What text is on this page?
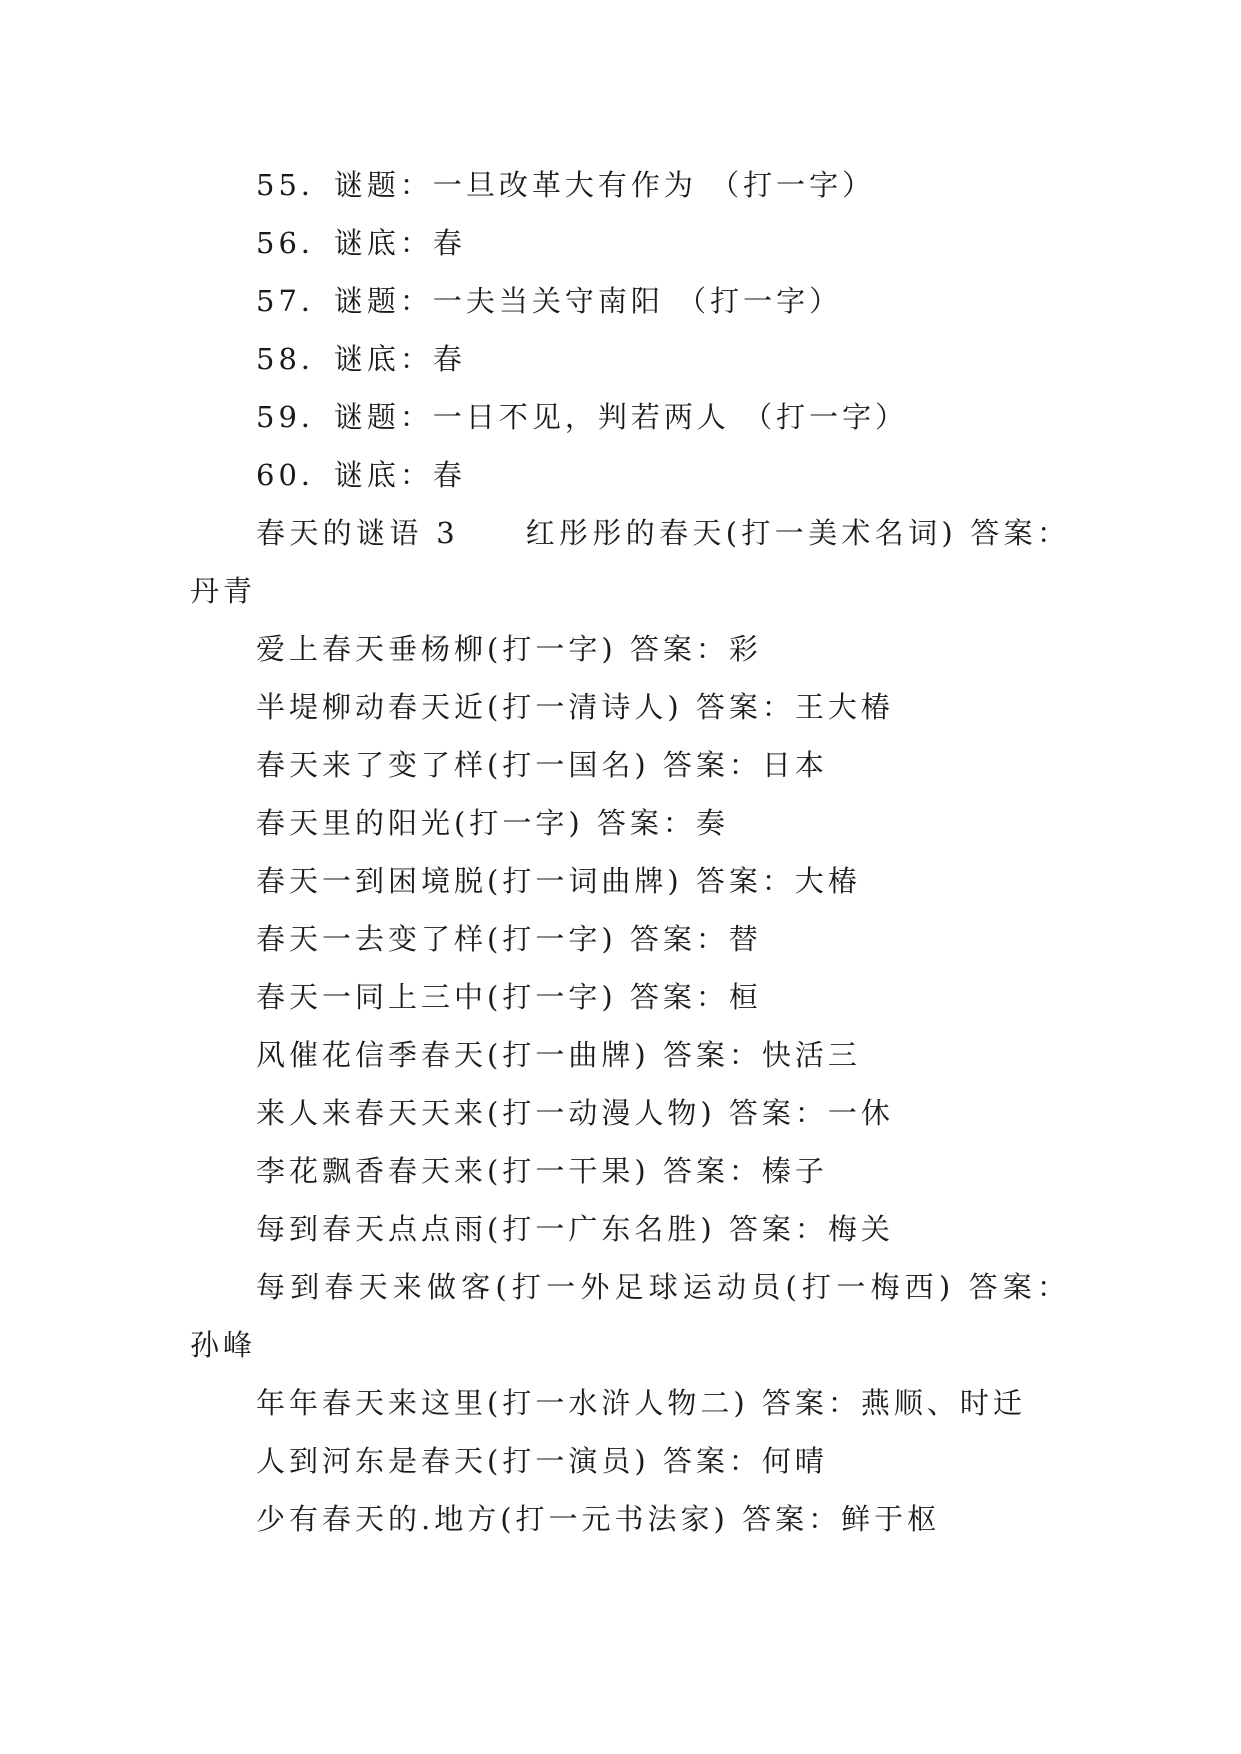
55．谜题：一旦改革大有作为 （打一字）

56．谜底：春

57．谜题：一夫当关守南阳 （打一字）

58．谜底：春

59．谜题：一日不见，判若两人 （打一字）

60．谜底：春

春天的谜语 3　　红彤彤的春天(打一美术名词) 答案：

丹青

爱上春天垂杨柳(打一字) 答案：彩

半堤柳动春天近(打一清诗人) 答案：王大椿

春天来了变了样(打一国名) 答案：日本

春天里的阳光(打一字) 答案：奏

春天一到困境脱(打一词曲牌) 答案：大椿

春天一去变了样(打一字) 答案：替

春天一同上三中(打一字) 答案：桓

风催花信季春天(打一曲牌) 答案：快活三

来人来春天天来(打一动漫人物) 答案：一休

李花飘香春天来(打一干果) 答案：榛子

每到春天点点雨(打一广东名胜) 答案：梅关

每到春天来做客(打一外足球运动员(打一梅西) 答案：

孙峰

年年春天来这里(打一水浒人物二) 答案：燕顺、时迁

人到河东是春天(打一演员) 答案：何晴

少有春天的.地方(打一元书法家) 答案：鲜于枢
